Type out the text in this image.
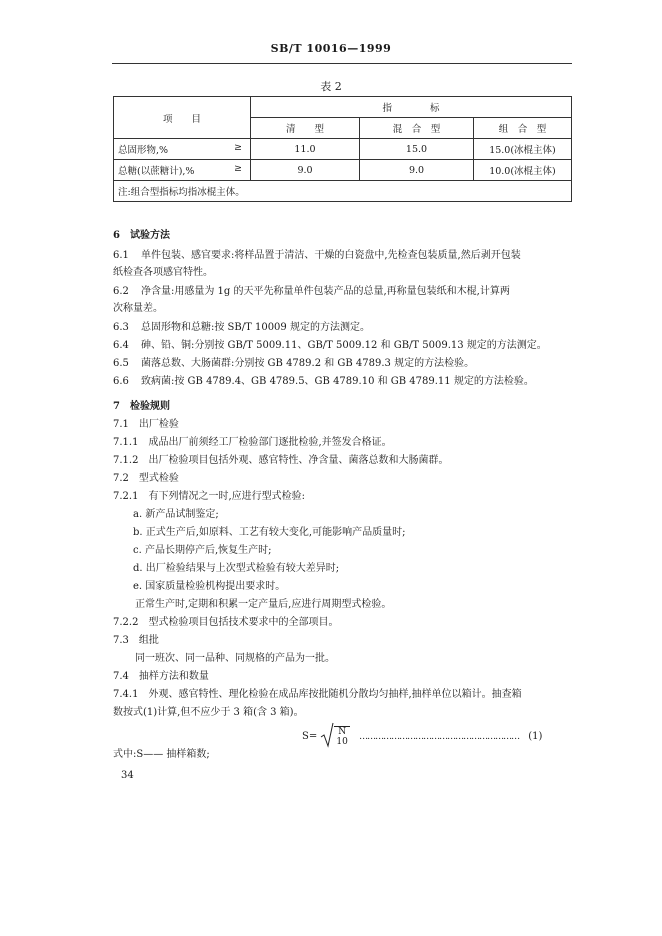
SB/T 10016—1999
表 2
项　　目	指　　　　标		
	清　　型	混　合　型	组　合　型

总固形物,% ≥	11.0	15.0	15.0(冰棍主体)

总糖(以蔗糖计),% ≥	9.0	9.0	10.0(冰棍主体)
注:组合型指标均指冰棍主体。			
6　试验方法
6.1 单件包装、感官要求:将样品置于清洁、干燥的白瓷盘中,先检查包装质量,然后剥开包装
纸检查各项感官特性。
6.2 净含量:用感量为 1g 的天平先称量单件包装产品的总量,再称量包装纸和木棍,计算两
次称量差。
6.3 总固形物和总糖:按 SB/T 10009 规定的方法测定。
6.4 砷、铅、铜:分别按 GB/T 5009.11、GB/T 5009.12 和 GB/T 5009.13 规定的方法测定。
6.5 菌落总数、大肠菌群:分别按 GB 4789.2 和 GB 4789.3 规定的方法检验。
6.6 致病菌:按 GB 4789.4、GB 4789.5、GB 4789.10 和 GB 4789.11 规定的方法检验。
7　检验规则
7.1　出厂检验
7.1.1　成品出厂前须经工厂检验部门逐批检验,并签发合格证。
7.1.2　出厂检验项目包括外观、感官特性、净含量、菌落总数和大肠菌群。
7.2　型式检验
7.2.1　有下列情况之一时,应进行型式检验:
a. 新产品试制鉴定;
b. 正式生产后,如原料、工艺有较大变化,可能影响产品质量时;
c. 产品长期停产后,恢复生产时;
d. 出厂检验结果与上次型式检验有较大差异时;
e. 国家质量检验机构提出要求时。
正常生产时,定期和积累一定产量后,应进行周期型式检验。
7.2.2　型式检验项目包括技术要求中的全部项目。
7.3　组批
同一班次、同一品种、同规格的产品为一批。
7.4　抽样方法和数量
7.4.1　外观、感官特性、理化检验在成品库按批随机分散均匀抽样,抽样单位以箱计。抽查箱
数按式(1)计算,但不应少于 3 箱(含 3 箱)。
S= N
10 …………………………………………………… (1)
式中:S—— 抽样箱数;
34
